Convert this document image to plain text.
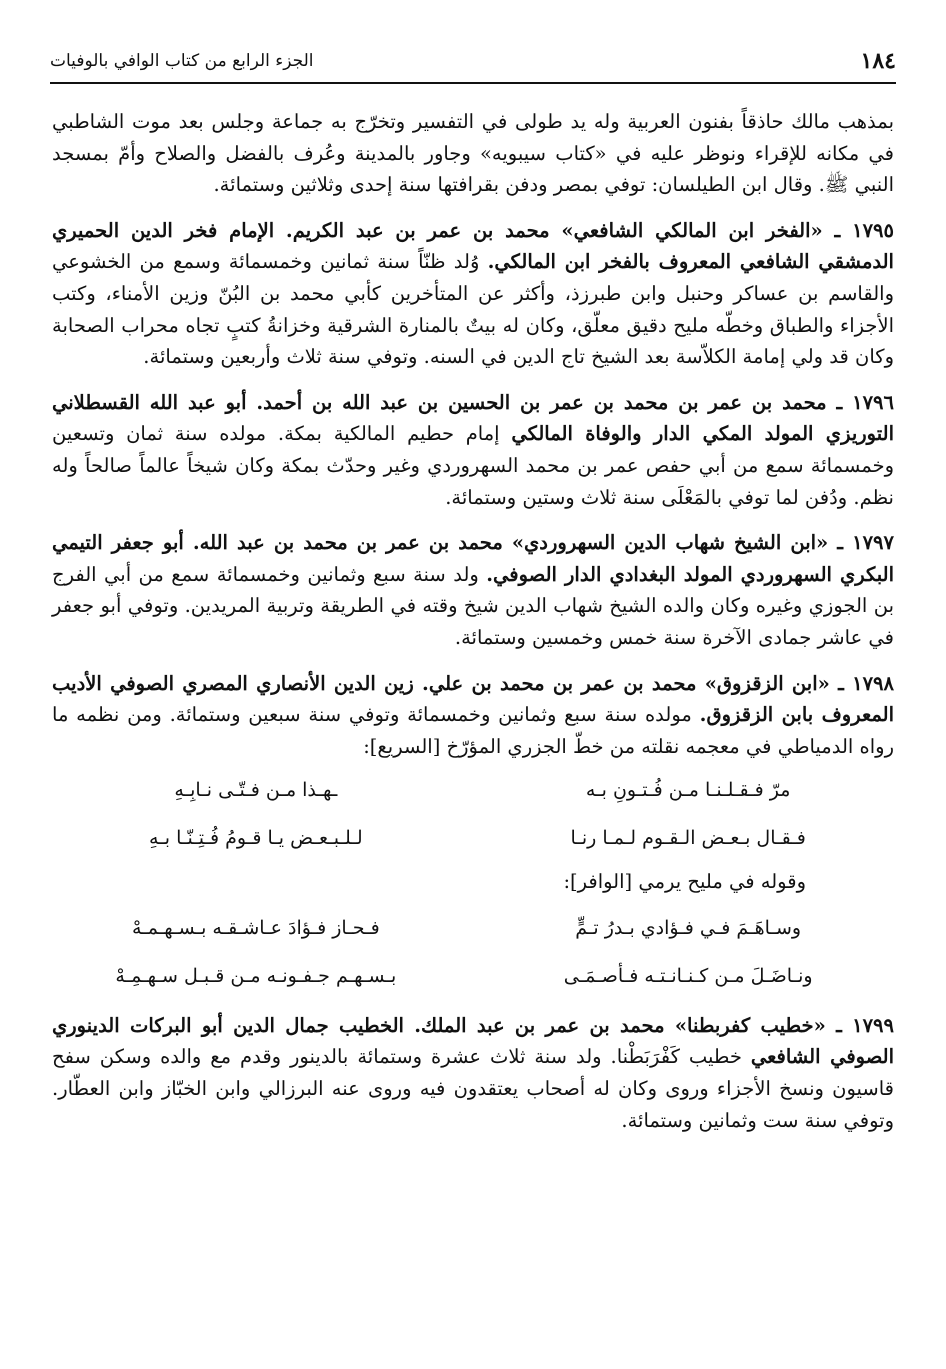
١٨٤
الجزء الرابع من كتاب الوافي بالوفيات

بمذهب مالك حاذقاً بفنون العربية وله يد طولى في التفسير وتخرّج به جماعة وجلس بعد موت الشاطبي في مكانه للإقراء ونوظر عليه في «كتاب سيبويه» وجاور بالمدينة وعُرف بالفضل والصلاح وأمّ بمسجد النبي ﷺ. وقال ابن الطيلسان: توفي بمصر ودفن بقرافتها سنة إحدى وثلاثين وستمائة.

١٧٩٥ ـ «الفخر ابن المالكي الشافعي» محمد بن عمر بن عبد الكريم. الإمام فخر الدين الحميري الدمشقي الشافعي المعروف بالفخر ابن المالكي. وُلد ظنّاً سنة ثمانين وخمسمائة وسمع من الخشوعي والقاسم بن عساكر وحنبل وابن طبرزذ، وأكثر عن المتأخرين كأبي محمد بن البُنّ وزين الأمناء، وكتب الأجزاء والطباق وخطّه مليح دقيق معلّق، وكان له بيتٌ بالمنارة الشرقية وخزانةُ كتبٍ تجاه محراب الصحابة وكان قد ولي إمامة الكلاّسة بعد الشيخ تاج الدين في السنه. وتوفي سنة ثلاث وأربعين وستمائة.

١٧٩٦ ـ محمد بن عمر بن محمد بن عمر بن الحسين بن عبد الله بن أحمد. أبو عبد الله القسطلاني التوريزي المولد المكي الدار والوفاة المالكي إمام حطيم المالكية بمكة. مولده سنة ثمان وتسعين وخمسمائة سمع من أبي حفص عمر بن محمد السهروردي وغير وحدّث بمكة وكان شيخاً عالماً صالحاً وله نظم. ودُفن لما توفي بالمَعْلَى سنة ثلاث وستين وستمائة.

١٧٩٧ ـ «ابن الشيخ شهاب الدين السهروردي» محمد بن عمر بن محمد بن عبد الله. أبو جعفر التيمي البكري السهروردي المولد البغدادي الدار الصوفي. ولد سنة سبع وثمانين وخمسمائة سمع من أبي الفرج بن الجوزي وغيره وكان والده الشيخ شهاب الدين شيخ وقته في الطريقة وتربية المريدين. وتوفي أبو جعفر في عاشر جمادى الآخرة سنة خمس وخمسين وستمائة.

١٧٩٨ ـ «ابن الزقزوق» محمد بن عمر بن محمد بن علي. زين الدين الأنصاري المصري الصوفي الأديب المعروف بابن الزقزوق. مولده سنة سبع وثمانين وخمسمائة وتوفي سنة سبعين وستمائة. ومن نظمه ما رواه الدمياطي في معجمه نقلته من خطّ الجزري المؤرّخ [السريع]:

مرّ فـقـلـنـا مـن فُـتـونِ بـه
ـهـذا مـن فـتّـى نـابِـهِ
فـقـال بـعـض الـقـوم لـمـا رنـا
لـلـبـعـض يـا قـومُ فُـتِـنّـا بـهِ
وقوله في مليح يرمي [الوافر]:
وسـاهَـمَ فـي فـؤادي بـدرُ تـمٍّ
فـحـاز فـؤادَ عـاشـقـه بـسـهـمـهْ
ونـاضَـلَ مـن كـنـانـتـه فـأصـمَـى
بـسـهـم جـفـونـه مـن قـبـل سـهـمِـهْ

١٧٩٩ ـ «خطيب كفربطنا» محمد بن عمر بن عبد الملك. الخطيب جمال الدين أبو البركات الدينوري الصوفي الشافعي خطيب كَفْرَبَطْنا. ولد سنة ثلاث عشرة وستمائة بالدينور وقدم مع والده وسكن سفح قاسيون ونسخ الأجزاء وروى وكان له أصحاب يعتقدون فيه وروى عنه البرزالي وابن الخبّاز وابن العطّار. وتوفي سنة ست وثمانين وستمائة.
